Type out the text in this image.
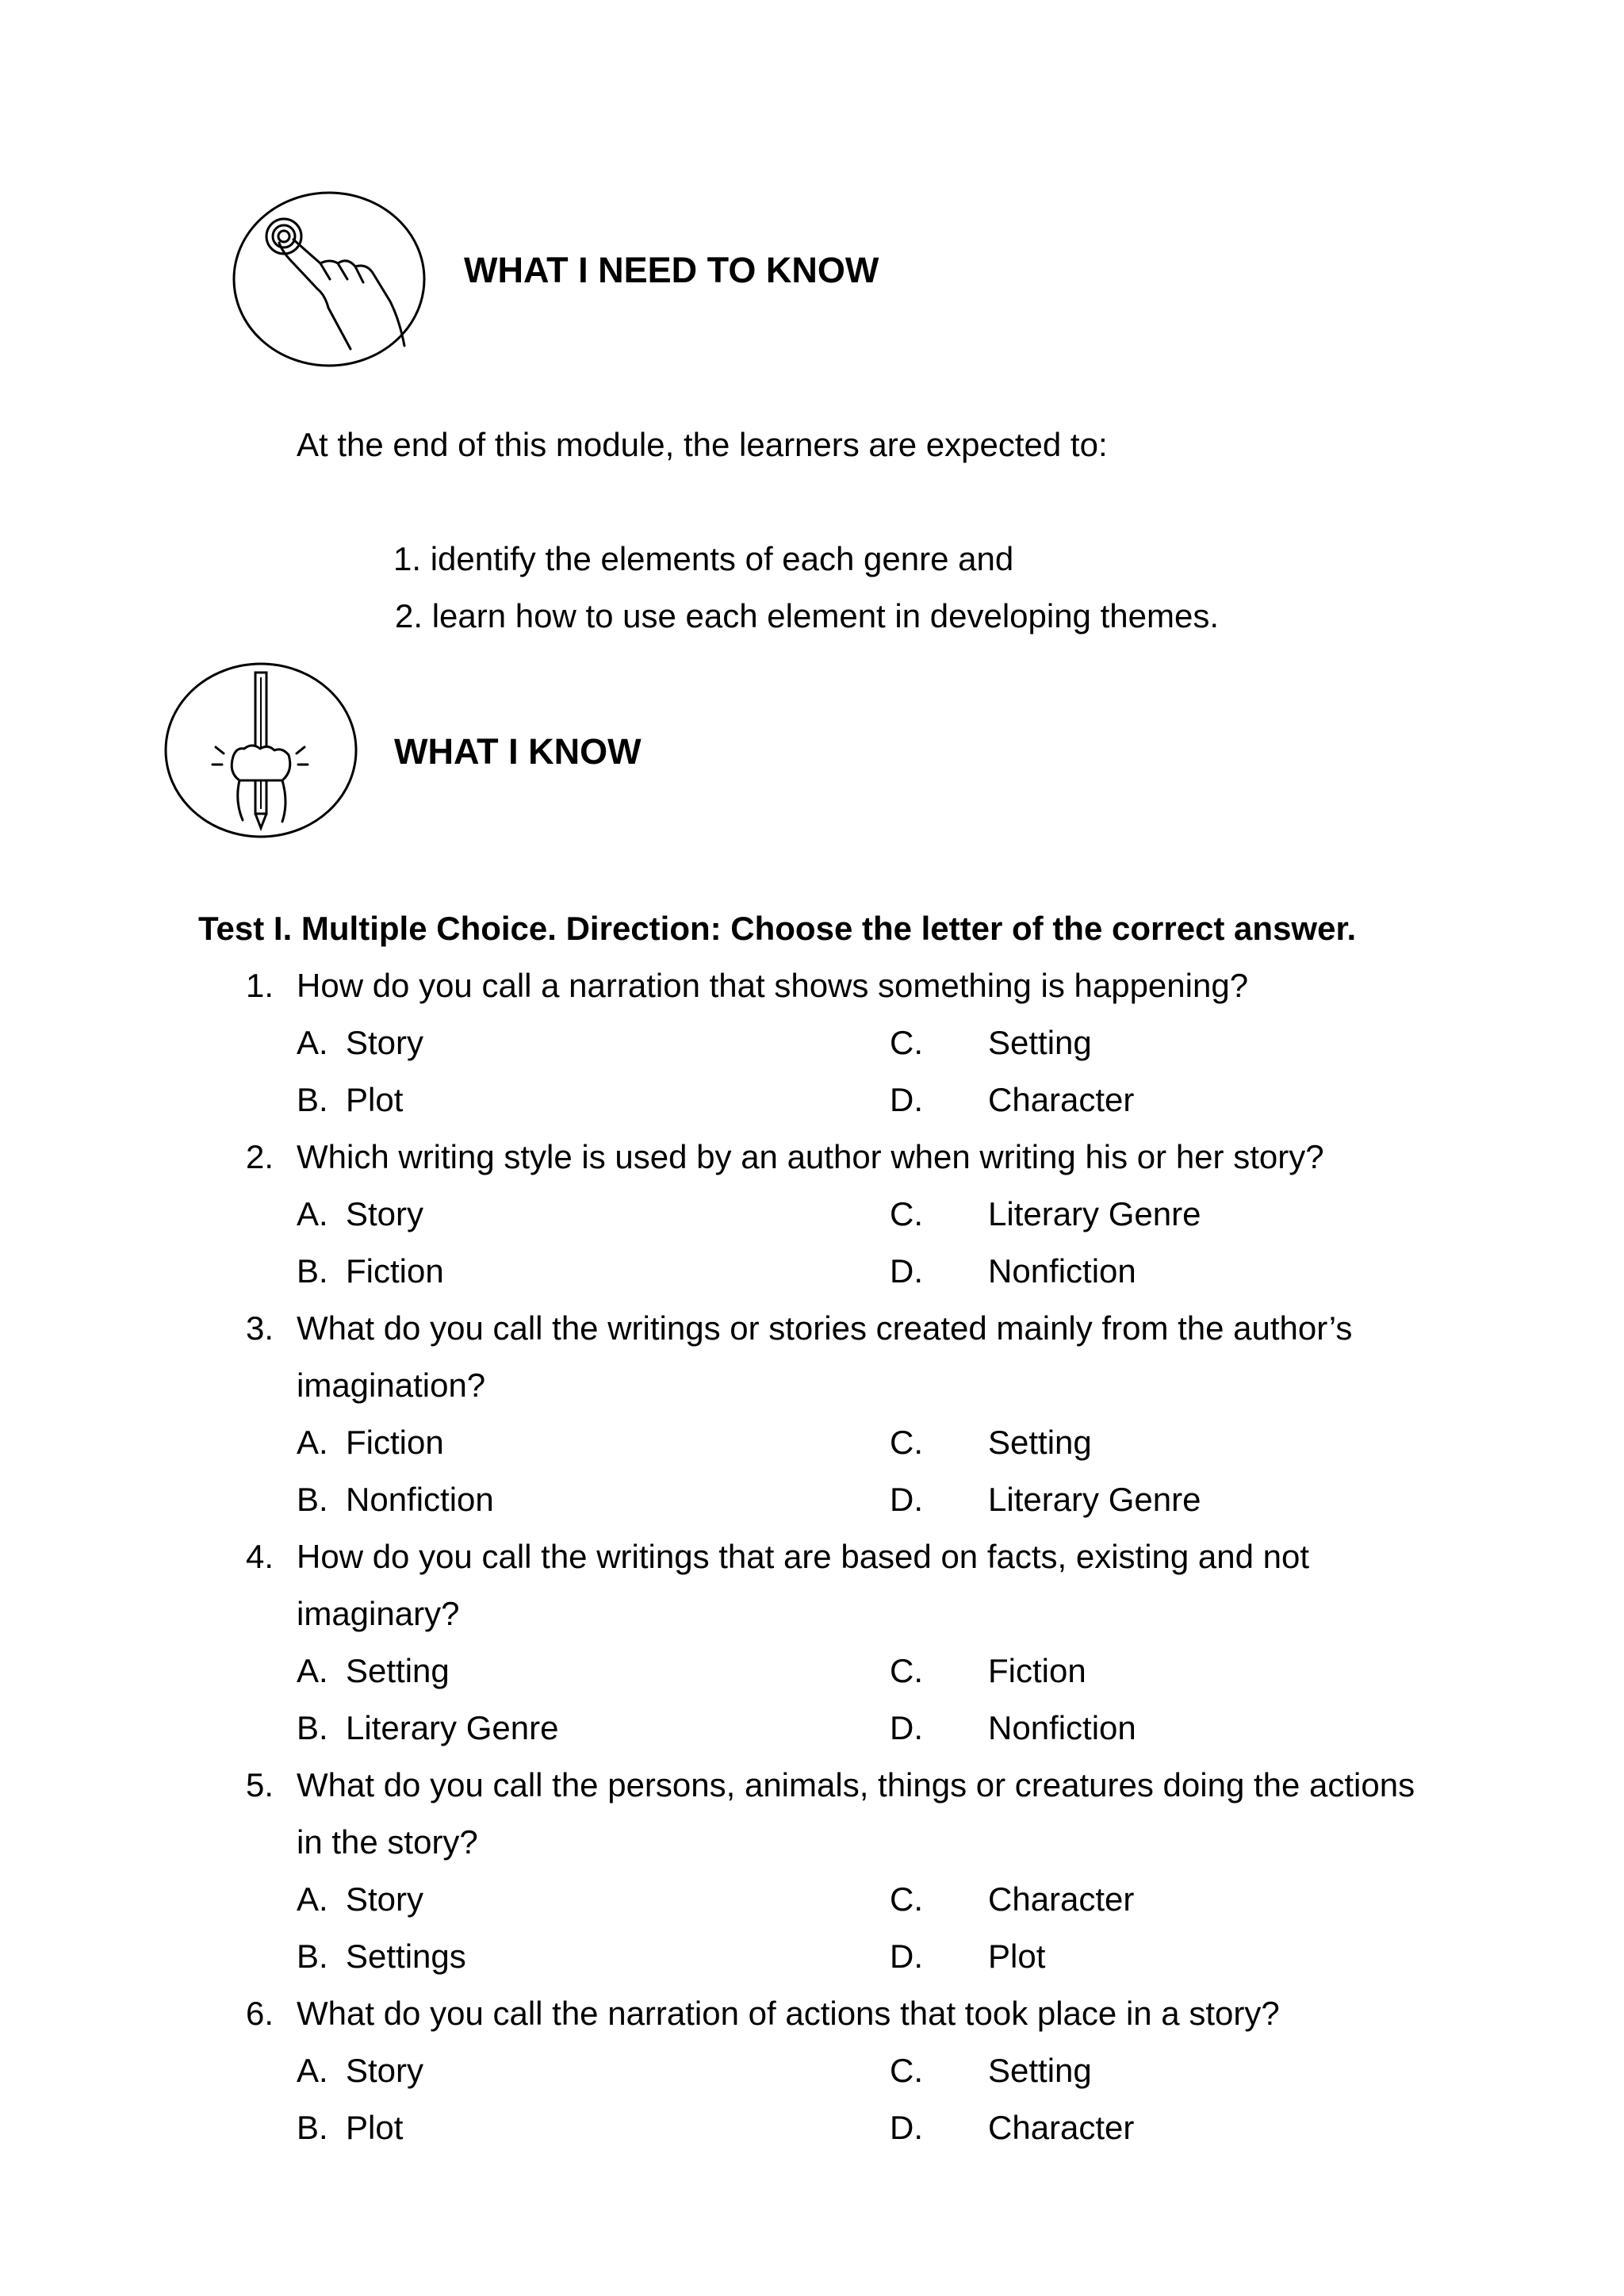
WHAT I NEED TO KNOW
At the end of this module, the learners are expected to:
1. identify the elements of each genre and
2. learn how to use each element in developing themes.
WHAT I KNOW
Test I. Multiple Choice. Direction: Choose the letter of the correct answer.
1. How do you call a narration that shows something is happening?
A. Story	C. Setting
B. Plot	D. Character
2. Which writing style is used by an author when writing his or her story?
A. Story	C. Literary Genre
B. Fiction	D. Nonfiction
3. What do you call the writings or stories created mainly from the author’s
imagination?
A. Fiction	C. Setting
B. Nonfiction	D. Literary Genre
4. How do you call the writings that are based on facts, existing and not
imaginary?
A. Setting	C. Fiction
B. Literary Genre	D. Nonfiction
5. What do you call the persons, animals, things or creatures doing the actions
in the story?
A. Story	C. Character
B. Settings	D. Plot
6. What do you call the narration of actions that took place in a story?
A. Story	C. Setting
B. Plot	D. Character
